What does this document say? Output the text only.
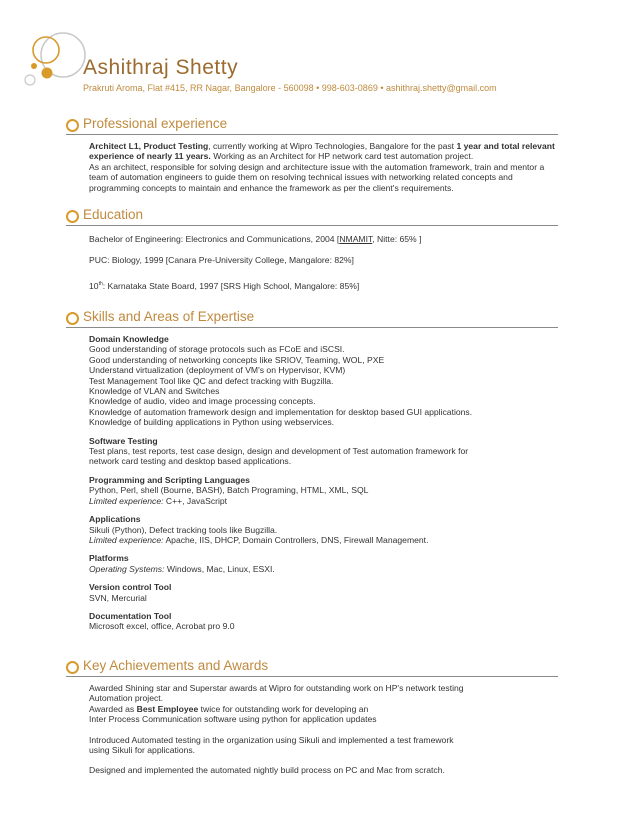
Ashithraj Shetty
Prakruti Aroma, Flat #415, RR Nagar, Bangalore - 560098 • 998-603-0869 • ashithraj.shetty@gmail.com
Professional experience

Architect L1, Product Testing, currently working at Wipro Technologies, Bangalore for the past 1 year and total relevant experience of nearly 11 years. Working as an Architect for HP network card test automation project.

As an architect, responsible for solving design and architecture issue with the automation framework, train and mentor a team of automation engineers to guide them on resolving technical issues with networking related concepts and programming concepts to maintain and enhance the framework as per the client's requirements.

Education

Bachelor of Engineering: Electronics and Communications, 2004 [NMAMIT, Nitte: 65% ]

PUC: Biology, 1999 [Canara Pre-University College, Mangalore: 82%]

10th: Karnataka State Board, 1997 [SRS High School, Mangalore: 85%]

Skills and Areas of Expertise

Domain Knowledge

Good understanding of storage protocols such as FCoE and iSCSI.

Good understanding of networking concepts like SRIOV, Teaming, WOL, PXE

Understand virtualization (deployment of VM's on Hypervisor, KVM)

Test Management Tool like QC and defect tracking with Bugzilla.

Knowledge of VLAN and Switches

Knowledge of audio, video and image processing concepts.

Knowledge of automation framework design and implementation for desktop based GUI applications.

Knowledge of building applications in Python using webservices.

Software Testing

Test plans, test reports, test case design, design and development of Test automation framework for

network card testing and desktop based applications.

Programming and Scripting Languages

Python, Perl, shell (Bourne, BASH), Batch Programing, HTML, XML, SQL

Limited experience: C++, JavaScript

Applications

Sikuli (Python), Defect tracking tools like Bugzilla.

Limited experience: Apache, IIS, DHCP, Domain Controllers, DNS, Firewall Management.

Platforms

Operating Systems: Windows, Mac, Linux, ESXI.

Version control Tool

SVN, Mercurial

Documentation Tool

Microsoft excel, office, Acrobat pro 9.0

Key Achievements and Awards

Awarded Shining star and Superstar awards at Wipro for outstanding work on HP's network testing

Automation project.

Awarded as Best Employee twice for outstanding work for developing an

Inter Process Communication software using python for application updates

Introduced Automated testing in the organization using Sikuli and implemented a test framework

using Sikuli for applications.

Designed and implemented the automated nightly build process on PC and Mac from scratch.
